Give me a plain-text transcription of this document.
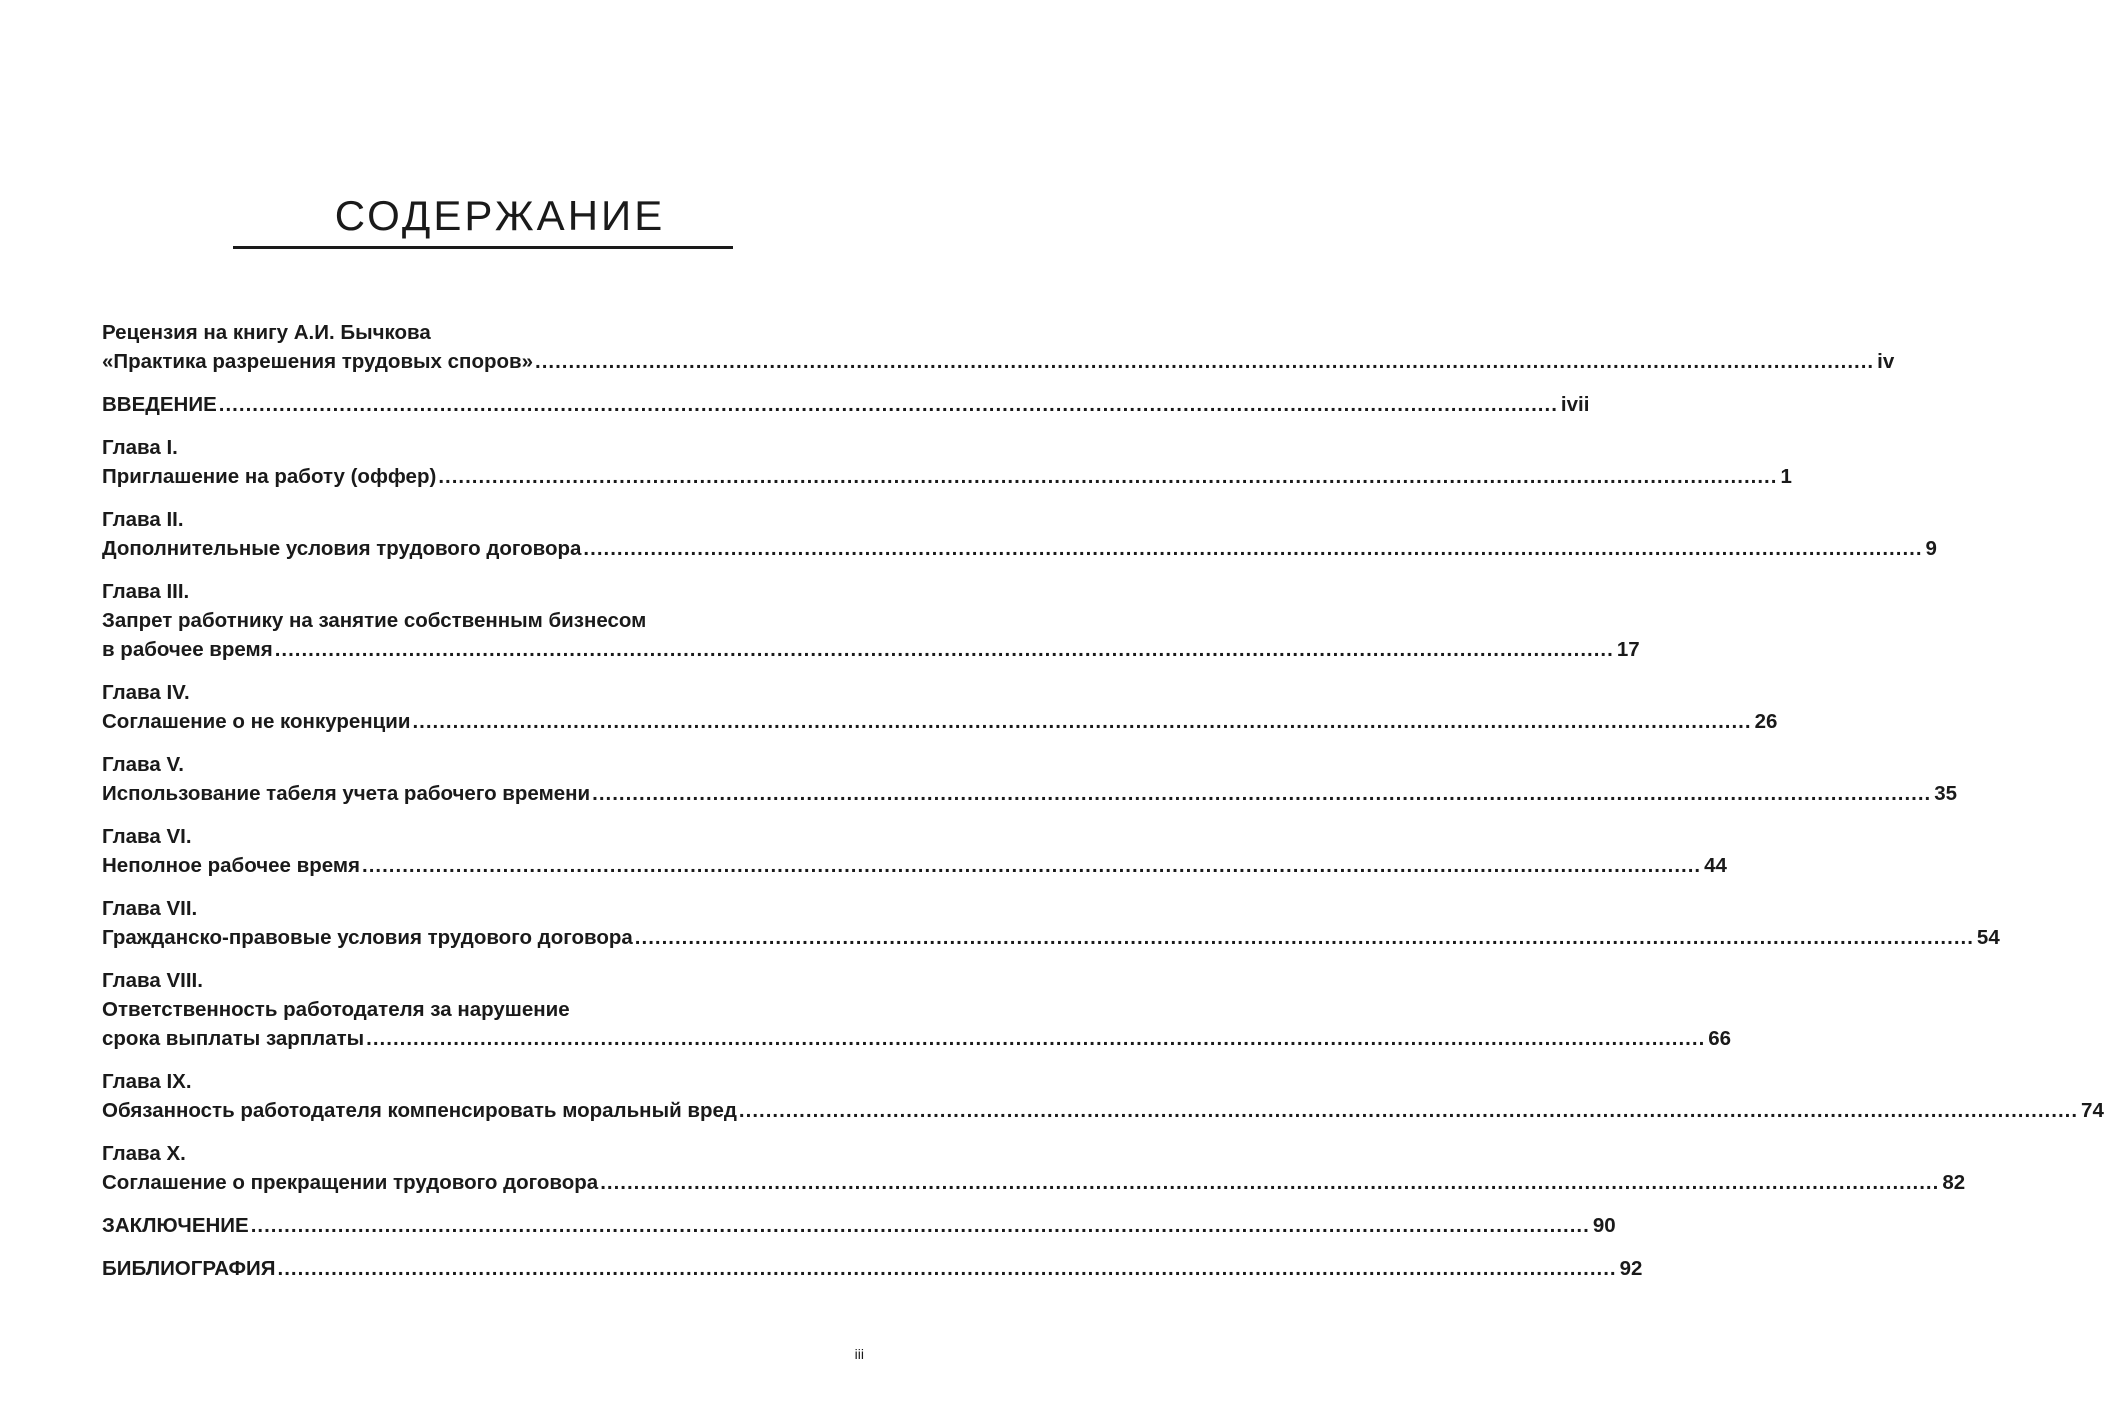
СОДЕРЖАНИЕ
Рецензия на книгу А.И. Бычкова
«Практика разрешения трудовых споров» ........................................................................................................................................................................................................ iv
ВВЕДЕНИЕ ........................................................................................................................................................................................................ ivii
Глава I.
Приглашение на работу (оффер) ........................................................................................................................................................................................................ 1
Глава II.
Дополнительные условия трудового договора ........................................................................................................................................................................................................ 9
Глава III.
Запрет работнику на занятие собственным бизнесом
в рабочее время ........................................................................................................................................................................................................ 17
Глава IV.
Соглашение о не конкуренции ........................................................................................................................................................................................................ 26
Глава V.
Использование табеля учета рабочего времени ........................................................................................................................................................................................................ 35
Глава VI.
Неполное рабочее время ........................................................................................................................................................................................................ 44
Глава VII.
Гражданско-правовые условия трудового договора ........................................................................................................................................................................................................ 54
Глава VIII.
Ответственность работодателя за нарушение
срока выплаты зарплаты ........................................................................................................................................................................................................ 66
Глава IX.
Обязанность работодателя компенсировать моральный вред ........................................................................................................................................................................................................ 74
Глава X.
Соглашение о прекращении трудового договора ........................................................................................................................................................................................................ 82
ЗАКЛЮЧЕНИЕ ........................................................................................................................................................................................................ 90
БИБЛИОГРАФИЯ ........................................................................................................................................................................................................ 92
iii
